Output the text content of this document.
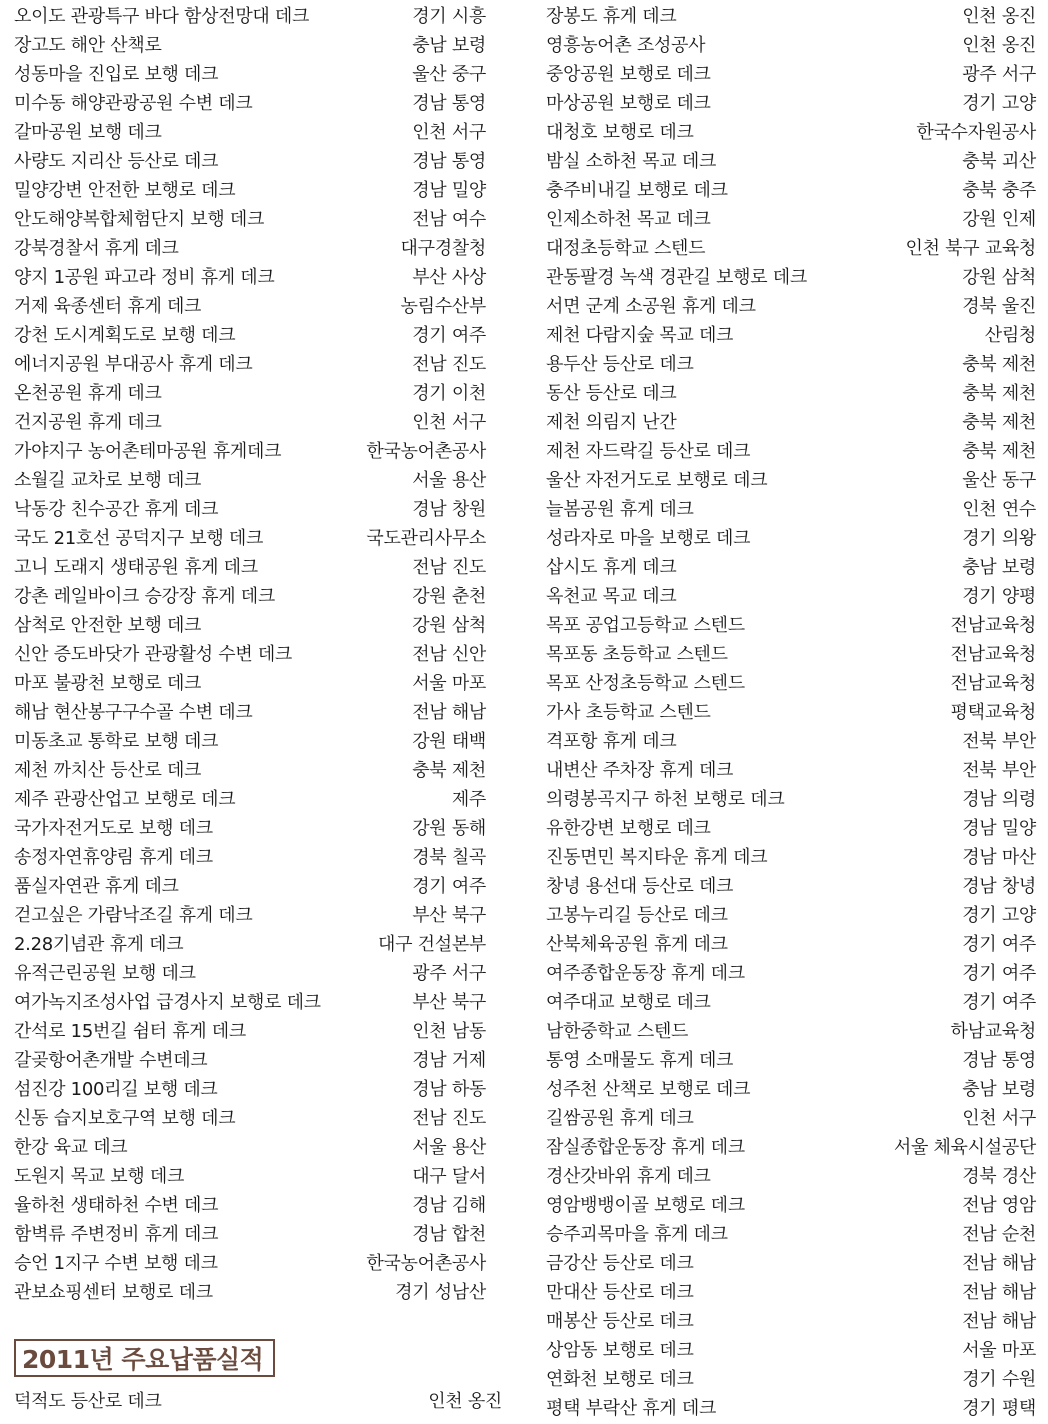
오이도 관광특구 바다 함상전망대 데크	경기 시흥
장고도 해안 산책로	충남 보령
성동마을 진입로 보행 데크	울산 중구
미수동 해양관광공원 수변 데크	경남 통영
갈마공원 보행 데크	인천 서구
사량도 지리산 등산로 데크	경남 통영
밀양강변 안전한 보행로 데크	경남 밀양
안도해양복합체험단지 보행 데크	전남 여수
강북경찰서 휴게 데크	대구경찰청
양지 1공원 파고라 정비 휴게 데크	부산 사상
거제 육종센터 휴게 데크	농림수산부
강천 도시계획도로 보행 데크	경기 여주
에너지공원 부대공사 휴게 데크	전남 진도
온천공원 휴게 데크	경기 이천
건지공원 휴게 데크	인천 서구
가야지구 농어촌테마공원 휴게데크	한국농어촌공사
소월길 교차로 보행 데크	서울 용산
낙동강 친수공간 휴게 데크	경남 창원
국도 21호선 공덕지구 보행 데크	국도관리사무소
고니 도래지 생태공원 휴게 데크	전남 진도
강촌 레일바이크 승강장 휴게 데크	강원 춘천
삼척로 안전한 보행 데크	강원 삼척
신안 증도바닷가 관광활성 수변 데크	전남 신안
마포 불광천 보행로 데크	서울 마포
해남 현산봉구구수골 수변 데크	전남 해남
미동초교 통학로 보행 데크	강원 태백
제천 까치산 등산로 데크	충북 제천
제주 관광산업고 보행로 데크	제주
국가자전거도로 보행 데크	강원 동해
송정자연휴양림 휴게 데크	경북 칠곡
품실자연관 휴게 데크	경기 여주
걷고싶은 가람낙조길 휴게 데크	부산 북구
2.28기념관 휴게 데크	대구 건설본부
유적근린공원 보행 데크	광주 서구
여가녹지조성사업 급경사지 보행로 데크	부산 북구
간석로 15번길 쉼터 휴게 데크	인천 남동
갈곶항어촌개발 수변데크	경남 거제
섬진강 100리길 보행 데크	경남 하동
신동 습지보호구역 보행 데크	전남 진도
한강 육교 데크	서울 용산
도원지 목교 보행 데크	대구 달서
율하천 생태하천 수변 데크	경남 김해
함벽류 주변정비 휴게 데크	경남 합천
승언 1지구 수변 보행 데크	한국농어촌공사
관보쇼핑센터 보행로 데크	경기 성남산
장봉도 휴게 데크	인천 옹진
영흥농어촌 조성공사	인천 옹진
중앙공원 보행로 데크	광주 서구
마상공원 보행로 데크	경기 고양
대청호 보행로 데크	한국수자원공사
밤실 소하천 목교 데크	충북 괴산
충주비내길 보행로 데크	충북 충주
인제소하천 목교 데크	강원 인제
대정초등학교 스텐드	인천 북구 교육청
관동팔경 녹색 경관길 보행로 데크	강원 삼척
서면 군계 소공원 휴게 데크	경북 울진
제천 다람지숲 목교 데크	산림청
용두산 등산로 데크	충북 제천
동산 등산로 데크	충북 제천
제천 의림지 난간	충북 제천
제천 자드락길 등산로 데크	충북 제천
울산 자전거도로 보행로 데크	울산 동구
늘봄공원 휴게 데크	인천 연수
성라자로 마을 보행로 데크	경기 의왕
삽시도 휴게 데크	충남 보령
옥천교 목교 데크	경기 양평
목포 공업고등학교 스텐드	전남교육청
목포동 초등학교 스텐드	전남교육청
목포 산정초등학교 스텐드	전남교육청
가사 초등학교 스텐드	평택교육청
격포항 휴게 데크	전북 부안
내변산 주차장 휴게 데크	전북 부안
의령봉곡지구 하천 보행로 데크	경남 의령
유한강변 보행로 데크	경남 밀양
진동면민 복지타운 휴게 데크	경남 마산
창녕 용선대 등산로 데크	경남 창녕
고봉누리길 등산로 데크	경기 고양
산북체육공원 휴게 데크	경기 여주
여주종합운동장 휴게 데크	경기 여주
여주대교 보행로 데크	경기 여주
남한중학교 스텐드	하남교육청
통영 소매물도 휴게 데크	경남 통영
성주천 산책로 보행로 데크	충남 보령
길쌈공원 휴게 데크	인천 서구
잠실종합운동장 휴게 데크	서울 체육시설공단
경산갓바위 휴게 데크	경북 경산
영암뱅뱅이골 보행로 데크	전남 영암
승주괴목마을 휴게 데크	전남 순천
금강산 등산로 데크	전남 해남
만대산 등산로 데크	전남 해남
매봉산 등산로 데크	전남 해남
상암동 보행로 데크	서울 마포
연화천 보행로 데크	경기 수원
평택 부락산 휴게 데크	경기 평택
2011년 주요납품실적
덕적도 등산로 데크	인천 옹진
